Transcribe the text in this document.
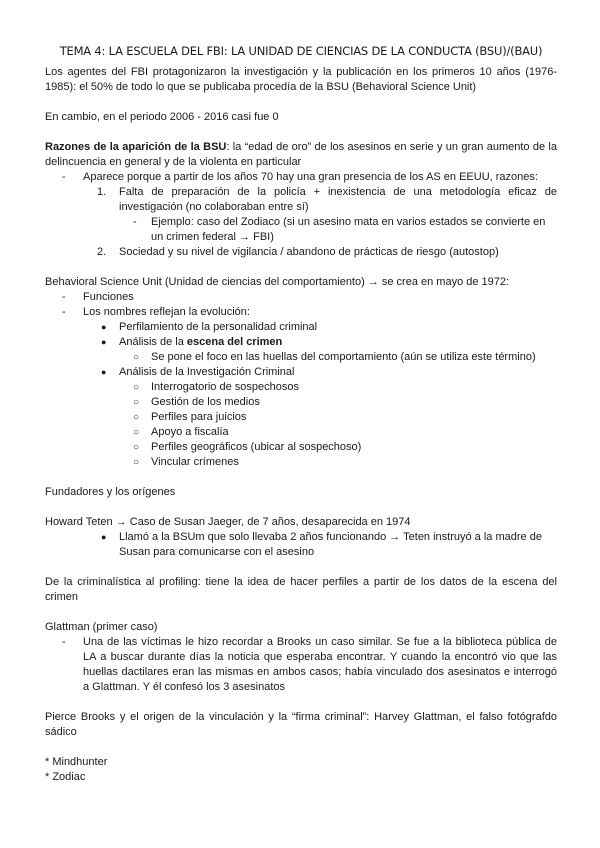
TEMA 4: LA ESCUELA DEL FBI: LA UNIDAD DE CIENCIAS DE LA CONDUCTA (BSU)/(BAU)

Los agentes del FBI protagonizaron la investigación y la publicación en los primeros 10 años (1976-1985): el 50% de todo lo que se publicaba procedía de la BSU (Behavioral Science Unit)

En cambio, en el periodo 2006 - 2016 casi fue 0

Razones de la aparición de la BSU: la “edad de oro” de los asesinos en serie y un gran aumento de la delincuencia en general y de la violenta en particular

- Aparece porque a partir de los años 70 hay una gran presencia de los AS en EEUU, razones:
1. Falta de preparación de la policía + inexistencia de una metodología eficaz de investigación (no colaboraban entre sí)
- Ejemplo: caso del Zodiaco (si un asesino mata en varios estados se convierte en un crimen federal → FBI)
2. Sociedad y su nivel de vigilancia / abandono de prácticas de riesgo (autostop)

Behavioral Science Unit (Unidad de ciencias del comportamiento) → se crea en mayo de 1972:

- Funciones
- Los nombres reflejan la evolución:
● Perfilamiento de la personalidad criminal
● Análisis de la escena del crimen
○ Se pone el foco en las huellas del comportamiento (aún se utiliza este término)
● Análisis de la Investigación Criminal
○ Interrogatorio de sospechosos
○ Gestión de los medios
○ Perfiles para juicios
○ Apoyo a fiscalía
○ Perfiles geográficos (ubicar al sospechoso)
○ Vincular crímenes

Fundadores y los orígenes

Howard Teten → Caso de Susan Jaeger, de 7 años, desaparecida en 1974

● Llamó a la BSUm que solo llevaba 2 años funcionando → Teten instruyó a la madre de Susan para comunicarse con el asesino

De la criminalística al profiling: tiene la idea de hacer perfiles a partir de los datos de la escena del crimen

Glattman (primer caso)

- Una de las víctimas le hizo recordar a Brooks un caso similar. Se fue a la biblioteca pública de LA a buscar durante días la noticia que esperaba encontrar. Y cuando la encontró vio que las huellas dactilares eran las mismas en ambos casos; había vinculado dos asesinatos e interrogó a Glattman. Y él confesó los 3 asesinatos

Pierce Brooks y el origen de la vinculación y la “firma criminal”: Harvey Glattman, el falso fotógrafdo sádico

* Mindhunter

* Zodiac
